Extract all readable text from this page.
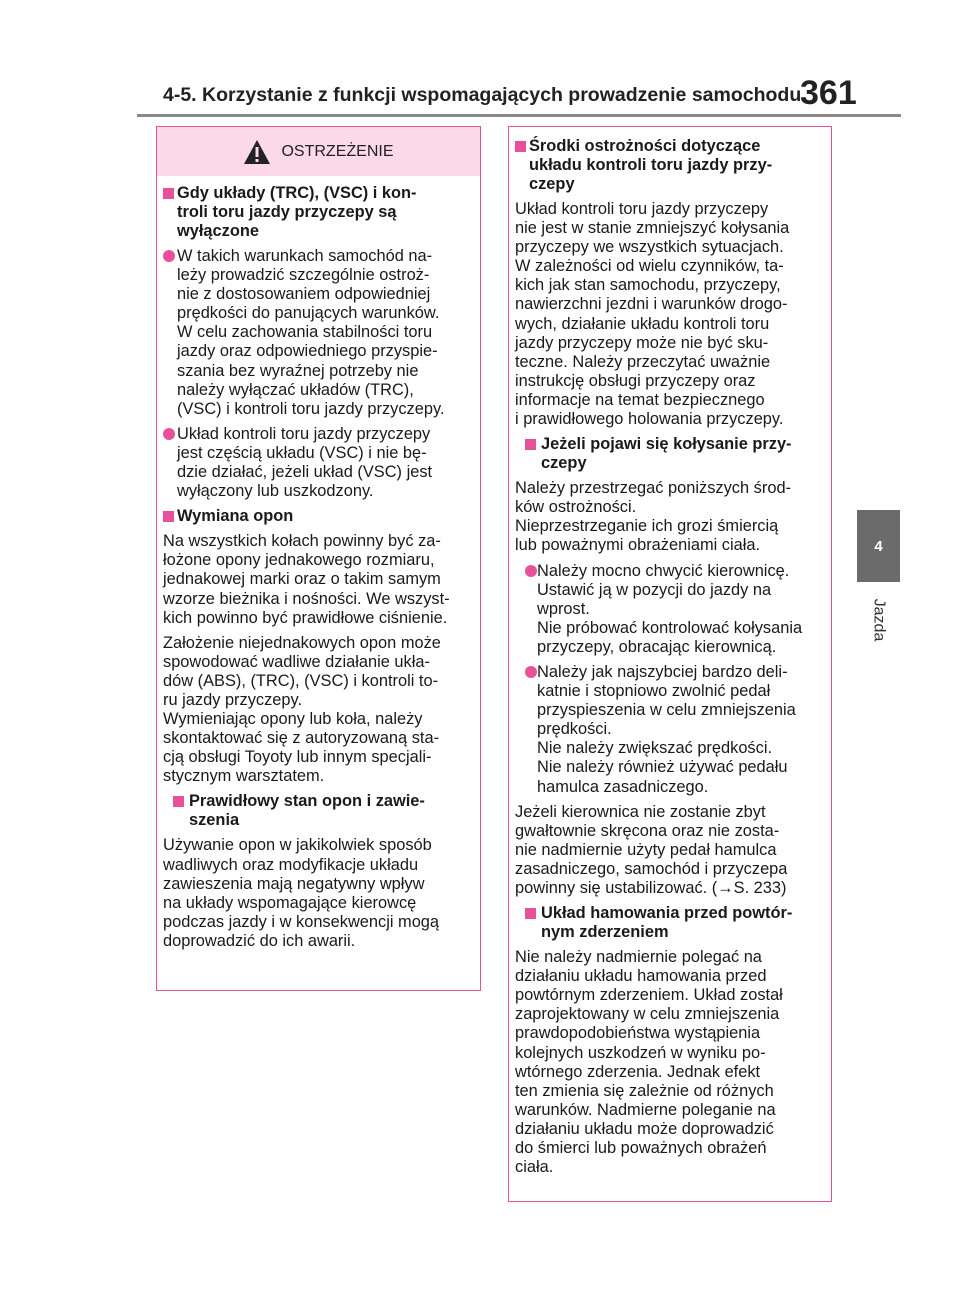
4-5. Korzystanie z funkcji wspomagających prowadzenie samochodu
361
4
Jazda
OSTRZEŻENIE
Gdy układy (TRC), (VSC) i kon-
troli toru jazdy przyczepy są
wyłączone
W takich warunkach samochód na-
leży prowadzić szczególnie ostroż-
nie z dostosowaniem odpowiedniej
prędkości do panujących warunków.
W celu zachowania stabilności toru
jazdy oraz odpowiedniego przyspie-
szania bez wyraźnej potrzeby nie
należy wyłączać układów (TRC),
(VSC) i kontroli toru jazdy przyczepy.
Układ kontroli toru jazdy przyczepy
jest częścią układu (VSC) i nie bę-
dzie działać, jeżeli układ (VSC) jest
wyłączony lub uszkodzony.
Wymiana opon
Na wszystkich kołach powinny być za-
łożone opony jednakowego rozmiaru,
jednakowej marki oraz o takim samym
wzorze bieżnika i nośności. We wszyst-
kich powinno być prawidłowe ciśnienie.
Założenie niejednakowych opon może
spowodować wadliwe działanie ukła-
dów (ABS), (TRC), (VSC) i kontroli to-
ru jazdy przyczepy.
Wymieniając opony lub koła, należy
skontaktować się z autoryzowaną sta-
cją obsługi Toyoty lub innym specjali-
stycznym warsztatem.
Prawidłowy stan opon i zawie-
szenia
Używanie opon w jakikolwiek sposób
wadliwych oraz modyfikacje układu
zawieszenia mają negatywny wpływ
na układy wspomagające kierowcę
podczas jazdy i w konsekwencji mogą
doprowadzić do ich awarii.
Środki ostrożności dotyczące
układu kontroli toru jazdy przy-
czepy
Układ kontroli toru jazdy przyczepy
nie jest w stanie zmniejszyć kołysania
przyczepy we wszystkich sytuacjach.
W zależności od wielu czynników, ta-
kich jak stan samochodu, przyczepy,
nawierzchni jezdni i warunków drogo-
wych, działanie układu kontroli toru
jazdy przyczepy może nie być sku-
teczne. Należy przeczytać uważnie
instrukcję obsługi przyczepy oraz
informacje na temat bezpiecznego
i prawidłowego holowania przyczepy.
Jeżeli pojawi się kołysanie przy-
czepy
Należy przestrzegać poniższych środ-
ków ostrożności.
Nieprzestrzeganie ich grozi śmiercią
lub poważnymi obrażeniami ciała.
Należy mocno chwycić kierownicę.
Ustawić ją w pozycji do jazdy na
wprost.
Nie próbować kontrolować kołysania
przyczepy, obracając kierownicą.
Należy jak najszybciej bardzo deli-
katnie i stopniowo zwolnić pedał
przyspieszenia w celu zmniejszenia
prędkości.
Nie należy zwiększać prędkości.
Nie należy również używać pedału
hamulca zasadniczego.
Jeżeli kierownica nie zostanie zbyt
gwałtownie skręcona oraz nie zosta-
nie nadmiernie użyty pedał hamulca
zasadniczego, samochód i przyczepa
powinny się ustabilizować. (→S. 233)
Układ hamowania przed powtór-
nym zderzeniem
Nie należy nadmiernie polegać na
działaniu układu hamowania przed
powtórnym zderzeniem. Układ został
zaprojektowany w celu zmniejszenia
prawdopodobieństwa wystąpienia
kolejnych uszkodzeń w wyniku po-
wtórnego zderzenia. Jednak efekt
ten zmienia się zależnie od różnych
warunków. Nadmierne poleganie na
działaniu układu może doprowadzić
do śmierci lub poważnych obrażeń
ciała.
